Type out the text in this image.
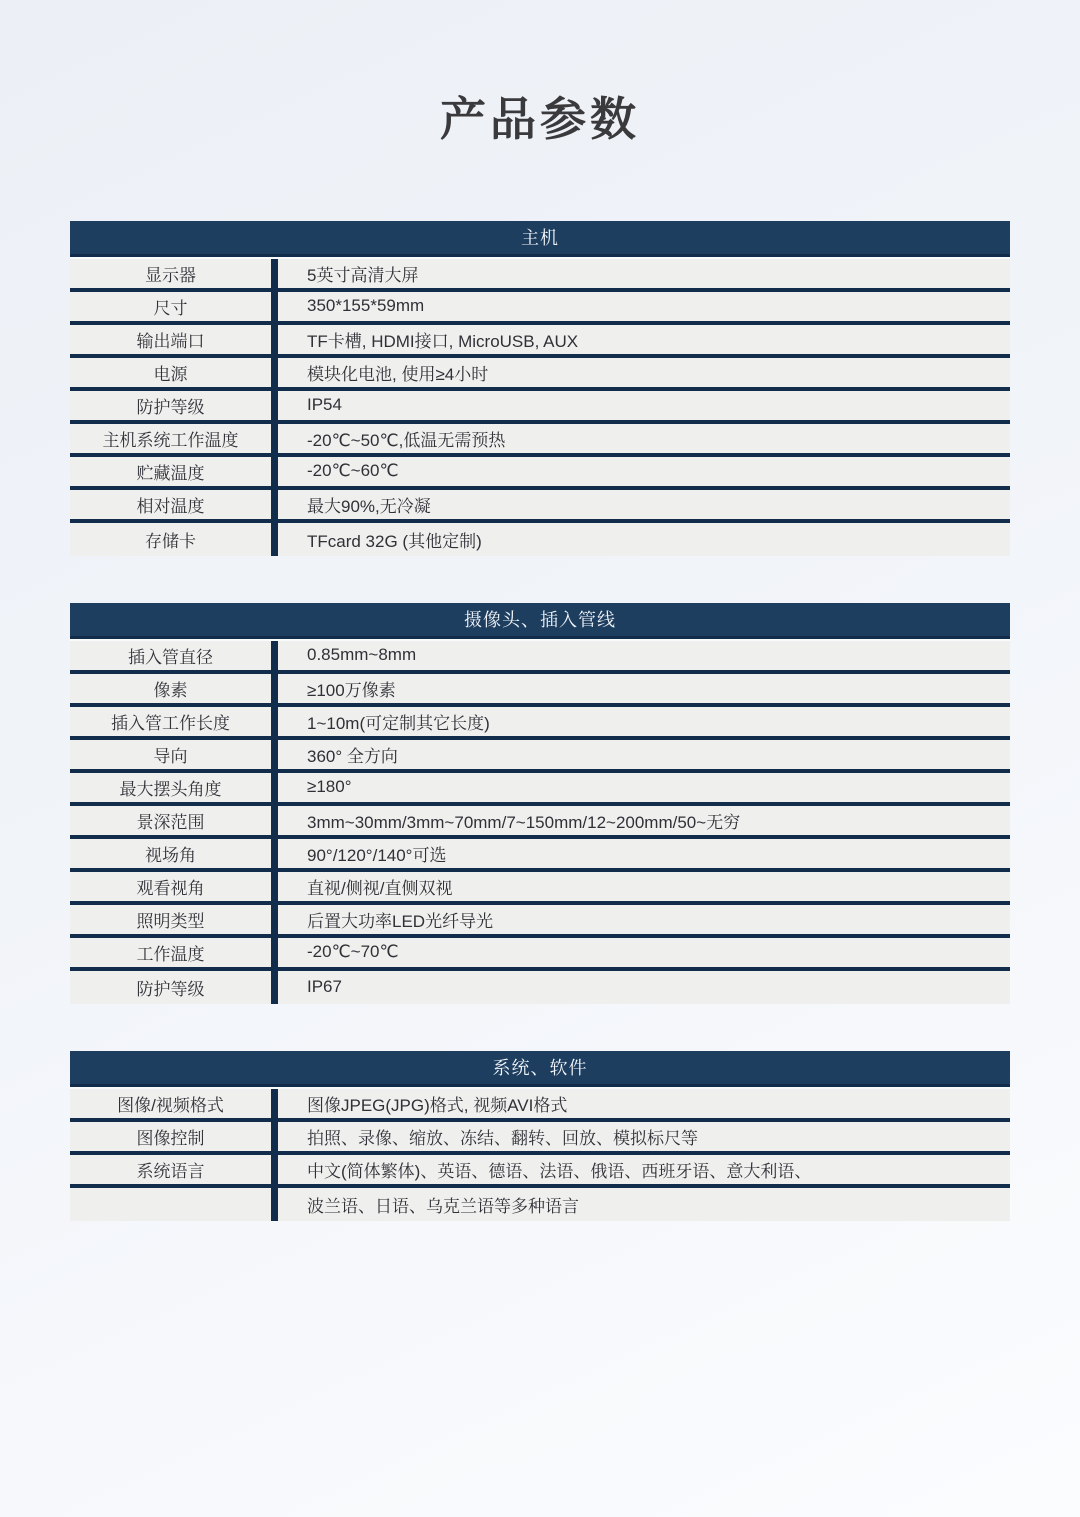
产品参数
主机
显示器	5英寸高清大屏
尺寸	350*155*59mm
输出端口	TF卡槽, HDMI接口, MicroUSB, AUX
电源	模块化电池, 使用≥4小时
防护等级	IP54
主机系统工作温度	-20℃~50℃,低温无需预热
贮藏温度	-20℃~60℃
相对温度	最大90%,无冷凝
存储卡	TFcard 32G (其他定制)
摄像头、插入管线
插入管直径	0.85mm~8mm
像素	≥100万像素
插入管工作长度	1~10m(可定制其它长度)
导向	360° 全方向
最大摆头角度	≥180°
景深范围	3mm~30mm/3mm~70mm/7~150mm/12~200mm/50~无穷
视场角	90°/120°/140°可选
观看视角	直视/侧视/直侧双视
照明类型	后置大功率LED光纤导光
工作温度	-20℃~70℃
防护等级	IP67
系统、软件
图像/视频格式	图像JPEG(JPG)格式, 视频AVI格式
图像控制	拍照、录像、缩放、冻结、翻转、回放、模拟标尺等
系统语言	中文(简体繁体)、英语、德语、法语、俄语、西班牙语、意大利语、
波兰语、日语、乌克兰语等多种语言
